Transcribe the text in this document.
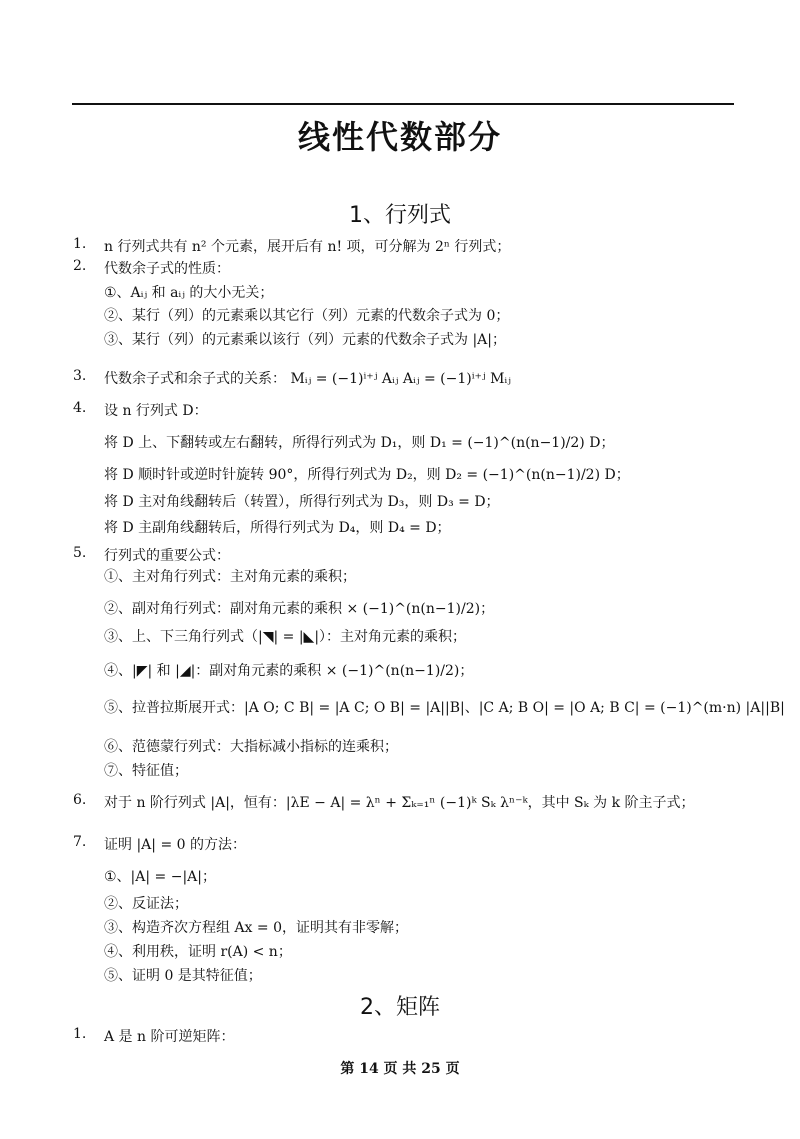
线性代数部分
1、行列式
1. n 行列式共有 n² 个元素，展开后有 n! 项，可分解为 2ⁿ 行列式；
2. 代数余子式的性质：
①、Aᵢⱼ 和 aᵢⱼ 的大小无关；
②、某行（列）的元素乘以其它行（列）元素的代数余子式为 0；
③、某行（列）的元素乘以该行（列）元素的代数余子式为 |A|；
3. 代数余子式和余子式的关系： Mᵢⱼ = (−1)ⁱ⁺ʲ Aᵢⱼ Aᵢⱼ = (−1)ⁱ⁺ʲ Mᵢⱼ
4. 设 n 行列式 D：
将 D 上、下翻转或左右翻转，所得行列式为 D₁，则 D₁ = (−1)^(n(n−1)/2) D；
将 D 顺时针或逆时针旋转 90°，所得行列式为 D₂，则 D₂ = (−1)^(n(n−1)/2) D；
将 D 主对角线翻转后（转置），所得行列式为 D₃，则 D₃ = D；
将 D 主副角线翻转后，所得行列式为 D₄，则 D₄ = D；
5. 行列式的重要公式：
①、主对角行列式：主对角元素的乘积；
②、副对角行列式：副对角元素的乘积 × (−1)^(n(n−1)/2)；
③、上、下三角行列式（|◥| = |◣|）：主对角元素的乘积；
④、|◤| 和 |◢|：副对角元素的乘积 × (−1)^(n(n−1)/2)；
⑤、拉普拉斯展开式：|A O; C B| = |A C; O B| = |A||B|、|C A; B O| = |O A; B C| = (−1)^(m·n) |A||B|
⑥、范德蒙行列式：大指标减小指标的连乘积；
⑦、特征值；
6. 对于 n 阶行列式 |A|，恒有：|λE − A| = λⁿ + Σₖ₌₁ⁿ (−1)ᵏ Sₖ λⁿ⁻ᵏ，其中 Sₖ 为 k 阶主子式；
7. 证明 |A| = 0 的方法：
①、|A| = −|A|；
②、反证法；
③、构造齐次方程组 Ax = 0，证明其有非零解；
④、利用秩，证明 r(A) < n；
⑤、证明 0 是其特征值；
2、矩阵
1. A 是 n 阶可逆矩阵：
第 14 页 共 25 页
